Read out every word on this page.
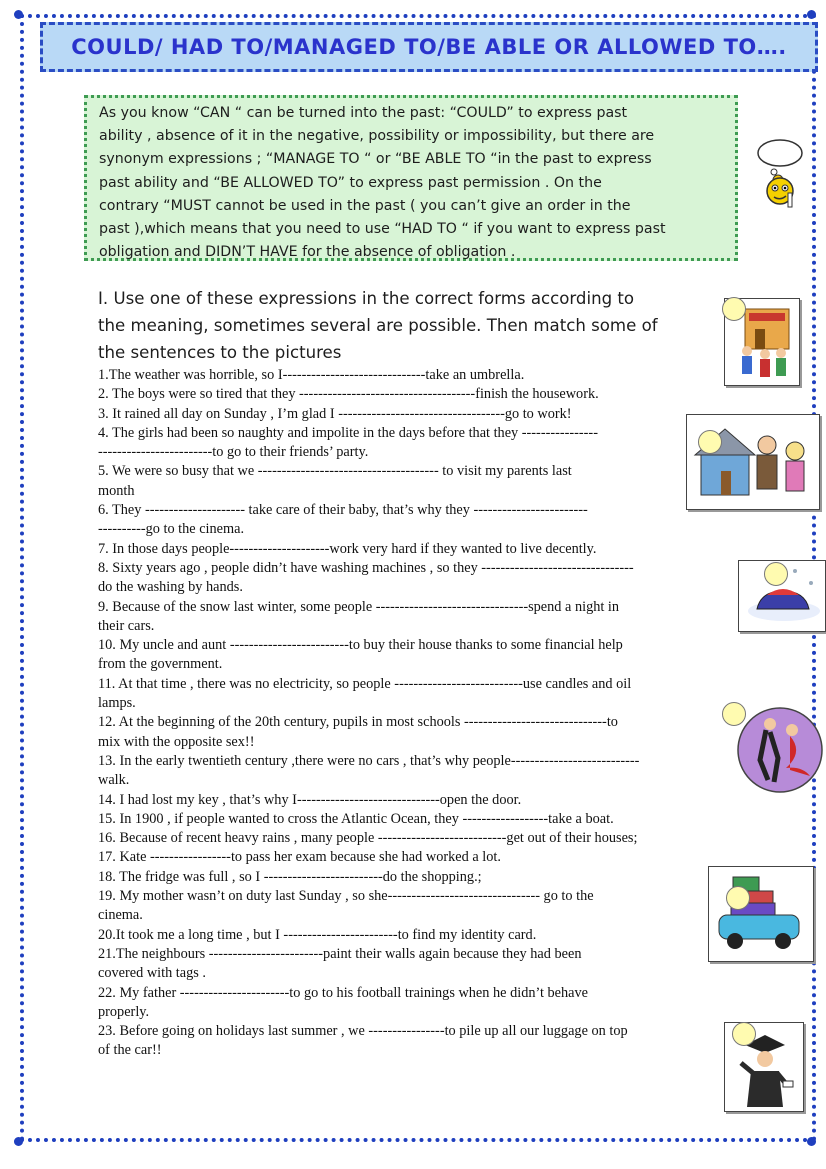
COULD/ HAD TO/MANAGED TO/BE ABLE OR ALLOWED TO….
As you know “CAN “ can be turned into the past: “COULD” to express past
ability , absence of it in the negative, possibility or impossibility, but there are
synonym expressions ; “MANAGE TO “ or “BE ABLE TO “in the past to express
past ability and “BE ALLOWED TO” to express past permission . On the
contrary “MUST cannot be used in the past ( you can’t give an order in the
past ),which means that you need to use “HAD TO “ if you want to express past
obligation and DIDN’T HAVE for the absence of obligation .
I. Use one of these expressions in the correct forms according to
the meaning, sometimes several are possible. Then match some of
the sentences to the pictures
1.The weather was horrible, so I------------------------------take an umbrella.
2. The boys were so tired that they -------------------------------------finish the housework.
3. It rained all day on Sunday , I’m glad I -----------------------------------go to work!
4. The girls had been so naughty and impolite in the days before that they ----------------
------------------------to go to their friends’ party.
5. We were so busy that we -------------------------------------- to visit my parents last
month
6. They --------------------- take care of their baby, that’s why they ------------------------
----------go to the cinema.
7. In those days people---------------------work very hard if they wanted to live decently.
8. Sixty years ago , people didn’t have washing machines , so they --------------------------------
do the washing by hands.
9. Because of the snow last winter, some people --------------------------------spend a night in
their cars.
10. My uncle and aunt -------------------------to buy their house thanks to some financial help
from the government.
11. At that time , there was no electricity, so people ---------------------------use candles and oil
lamps.
12. At the beginning of the 20th century, pupils in most schools ------------------------------to
mix with the opposite sex!!
13. In the early twentieth century ,there were no cars , that’s why people---------------------------
walk.
14. I had lost my key , that’s why I------------------------------open the door.
15. In 1900 , if people wanted to cross the Atlantic Ocean, they ------------------take a boat.
16. Because of recent heavy rains , many people ---------------------------get out of their houses;
17. Kate -----------------to pass her exam because she had worked a lot.
18. The fridge was full , so I -------------------------do the shopping.;
19. My mother wasn’t on duty last Sunday , so she-------------------------------- go to the
cinema.
20.It took me a long time , but I ------------------------to find my identity card.
21.The neighbours ------------------------paint their walls again because they had been
covered with tags .
22. My father -----------------------to go to his football trainings when he didn’t behave
properly.
23. Before going on holidays last summer , we ----------------to pile up all our luggage on top
of the car!!
